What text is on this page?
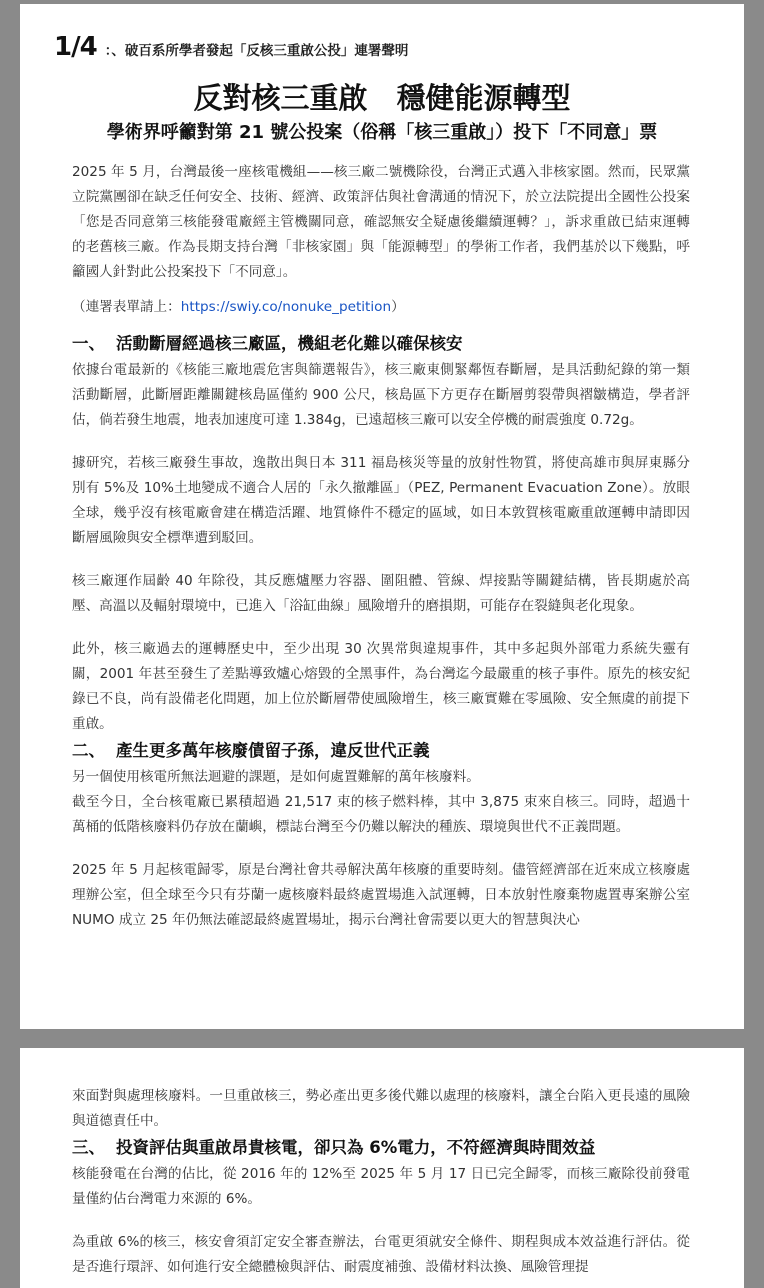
1/4 ：、破百系所學者發起「反核三重啟公投」連署聲明
反對核三重啟　穩健能源轉型
學術界呼籲對第 21 號公投案（俗稱「核三重啟」）投下「不同意」票

2025 年 5 月，台灣最後一座核電機組——核三廠二號機除役，台灣正式邁入非核家園。然而，民眾黨立院黨團卻在缺乏任何安全、技術、經濟、政策評估與社會溝通的情況下，於立法院提出全國性公投案「您是否同意第三核能發電廠經主管機關同意，確認無安全疑慮後繼續運轉？」，訴求重啟已結束運轉的老舊核三廠。作為長期支持台灣「非核家園」與「能源轉型」的學術工作者，我們基於以下幾點，呼籲國人針對此公投案投下「不同意」。

（連署表單請上：https://swiy.co/nonuke_petition）

一、 活動斷層經過核三廠區，機組老化難以確保核安

依據台電最新的《核能三廠地震危害與篩選報告》，核三廠東側緊鄰恆春斷層，是具活動紀錄的第一類活動斷層，此斷層距離關鍵核島區僅約 900 公尺，核島區下方更存在斷層剪裂帶與褶皺構造，學者評估，倘若發生地震，地表加速度可達 1.384g，已遠超核三廠可以安全停機的耐震強度 0.72g。

據研究，若核三廠發生事故，逸散出與日本 311 福島核災等量的放射性物質，將使高雄市與屏東縣分別有 5%及 10%土地變成不適合人居的「永久撤離區」（PEZ, Permanent Evacuation Zone）。放眼全球，幾乎沒有核電廠會建在構造活躍、地質條件不穩定的區域，如日本敦賀核電廠重啟運轉申請即因斷層風險與安全標準遭到駁回。

核三廠運作屆齡 40 年除役，其反應爐壓力容器、圍阻體、管線、焊接點等關鍵結構，皆長期處於高壓、高溫以及輻射環境中，已進入「浴缸曲線」風險增升的磨損期，可能存在裂縫與老化現象。

此外，核三廠過去的運轉歷史中，至少出現 30 次異常與違規事件，其中多起與外部電力系統失靈有關，2001 年甚至發生了差點導致爐心熔毀的全黑事件，為台灣迄今最嚴重的核子事件。原先的核安紀錄已不良，尚有設備老化問題，加上位於斷層帶使風險增生，核三廠實難在零風險、安全無虞的前提下重啟。

二、 產生更多萬年核廢債留子孫，違反世代正義

另一個使用核電所無法迴避的課題，是如何處置難解的萬年核廢料。

截至今日，全台核電廠已累積超過 21,517 束的核子燃料棒，其中 3,875 束來自核三。同時，超過十萬桶的低階核廢料仍存放在蘭嶼，標誌台灣至今仍難以解決的種族、環境與世代不正義問題。

2025 年 5 月起核電歸零，原是台灣社會共尋解決萬年核廢的重要時刻。儘管經濟部在近來成立核廢處理辦公室，但全球至今只有芬蘭一處核廢料最終處置場進入試運轉，日本放射性廢棄物處置專案辦公室 NUMO 成立 25 年仍無法確認最終處置場址，揭示台灣社會需要以更大的智慧與決心

來面對與處理核廢料。一旦重啟核三，勢必產出更多後代難以處理的核廢料，讓全台陷入更長遠的風險與道德責任中。

三、 投資評估與重啟昂貴核電，卻只為 6%電力，不符經濟與時間效益

核能發電在台灣的佔比，從 2016 年的 12%至 2025 年 5 月 17 日已完全歸零，而核三廠除役前發電量僅約佔台灣電力來源的 6%。

為重啟 6%的核三，核安會須訂定安全審查辦法，台電更須就安全條件、期程與成本效益進行評估。從是否進行環評、如何進行安全總體檢與評估、耐震度補強、設備材料汰換、風險管理提
